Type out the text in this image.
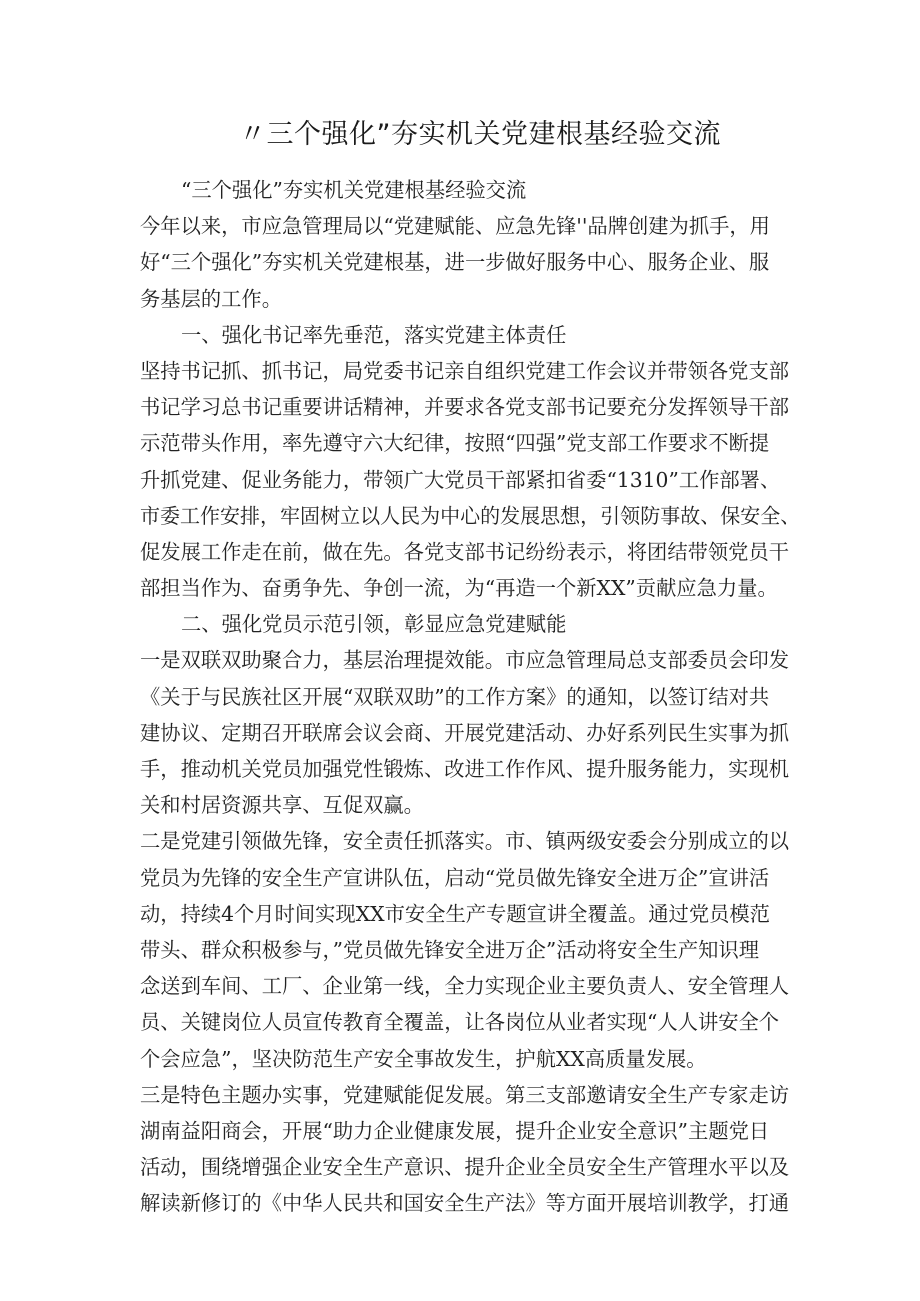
〃三个强化”夯实机关党建根基经验交流
“三个强化”夯实机关党建根基经验交流
今年以来，市应急管理局以“党建赋能、应急先锋''品牌创建为抓手，用
好“三个强化”夯实机关党建根基，进一步做好服务中心、服务企业、服
务基层的工作。
一、强化书记率先垂范，落实党建主体责任
坚持书记抓、抓书记，局党委书记亲自组织党建工作会议并带领各党支部
书记学习总书记重要讲话精神，并要求各党支部书记要充分发挥领导干部
示范带头作用，率先遵守六大纪律，按照“四强”党支部工作要求不断提
升抓党建、促业务能力，带领广大党员干部紧扣省委“1310”工作部署、
市委工作安排，牢固树立以人民为中心的发展思想，引领防事故、保安全、
促发展工作走在前，做在先。各党支部书记纷纷表示，将团结带领党员干
部担当作为、奋勇争先、争创一流，为“再造一个新XX”贡献应急力量。
二、强化党员示范引领，彰显应急党建赋能
一是双联双助聚合力，基层治理提效能。市应急管理局总支部委员会印发
《关于与民族社区开展“双联双助”的工作方案》的通知，以签订结对共
建协议、定期召开联席会议会商、开展党建活动、办好系列民生实事为抓
手，推动机关党员加强党性锻炼、改进工作作风、提升服务能力，实现机
关和村居资源共享、互促双赢。
二是党建引领做先锋，安全责任抓落实。市、镇两级安委会分别成立的以
党员为先锋的安全生产宣讲队伍，启动“党员做先锋安全进万企”宣讲活
动，持续4个月时间实现XX市安全生产专题宣讲全覆盖。通过党员模范
带头、群众积极参与，”党员做先锋安全进万企”活动将安全生产知识理
念送到车间、工厂、企业第一线，全力实现企业主要负责人、安全管理人
员、关键岗位人员宣传教育全覆盖，让各岗位从业者实现“人人讲安全个
个会应急”，坚决防范生产安全事故发生，护航XX高质量发展。
三是特色主题办实事，党建赋能促发展。第三支部邀请安全生产专家走访
湖南益阳商会，开展“助力企业健康发展，提升企业安全意识”主题党日
活动，围绕增强企业安全生产意识、提升企业全员安全生产管理水平以及
解读新修订的《中华人民共和国安全生产法》等方面开展培训教学，打通
